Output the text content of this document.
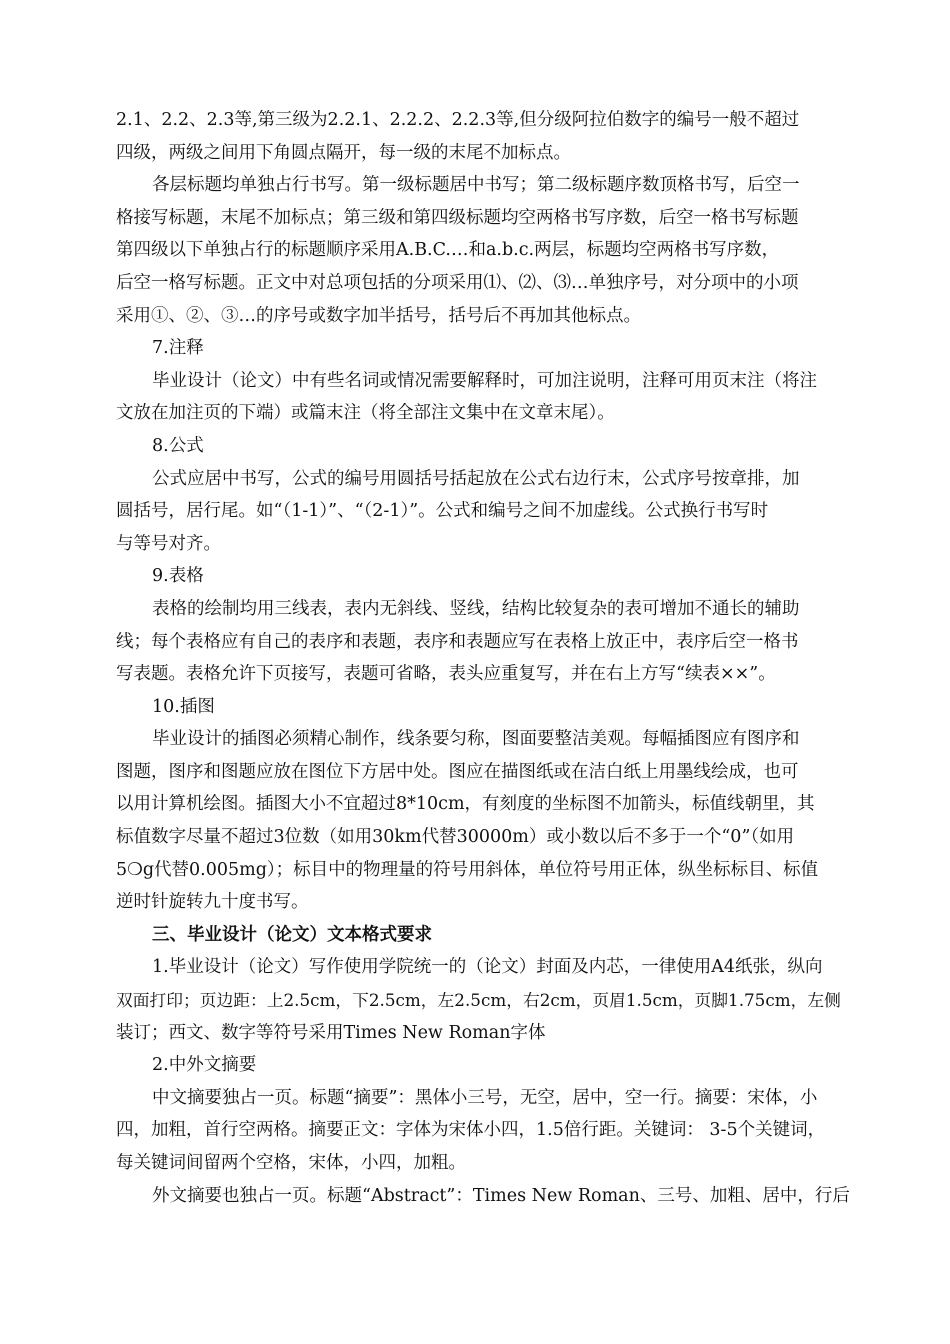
2.1、2.2、2.3等,第三级为2.2.1、2.2.2、2.2.3等,但分级阿拉伯数字的编号一般不超过
四级，两级之间用下角圆点隔开，每一级的末尾不加标点。
各层标题均单独占行书写。第一级标题居中书写；第二级标题序数顶格书写，后空一
格接写标题，末尾不加标点；第三级和第四级标题均空两格书写序数，后空一格书写标题
第四级以下单独占行的标题顺序采用A.B.C.…和a.b.c.两层，标题均空两格书写序数，
后空一格写标题。正文中对总项包括的分项采用⑴、⑵、⑶…单独序号，对分项中的小项
采用①、②、③…的序号或数字加半括号，括号后不再加其他标点。
7.注释
毕业设计（论文）中有些名词或情况需要解释时，可加注说明，注释可用页末注（将注
文放在加注页的下端）或篇末注（将全部注文集中在文章末尾）。
8.公式
公式应居中书写，公式的编号用圆括号括起放在公式右边行末，公式序号按章排，加
圆括号，居行尾。如“（1-1）”、“（2-1）”。公式和编号之间不加虚线。公式换行书写时
与等号对齐。
9.表格
表格的绘制均用三线表，表内无斜线、竖线，结构比较复杂的表可增加不通长的辅助
线；每个表格应有自己的表序和表题，表序和表题应写在表格上放正中，表序后空一格书
写表题。表格允许下页接写，表题可省略，表头应重复写，并在右上方写“续表××”。
10.插图
毕业设计的插图必须精心制作，线条要匀称，图面要整洁美观。每幅插图应有图序和
图题，图序和图题应放在图位下方居中处。图应在描图纸或在洁白纸上用墨线绘成，也可
以用计算机绘图。插图大小不宜超过8*10cm，有刻度的坐标图不加箭头，标值线朝里，其
标值数字尽量不超过3位数（如用30km代替30000m）或小数以后不多于一个“0”（如用
5❍g代替0.005mg）；标目中的物理量的符号用斜体，单位符号用正体，纵坐标标目、标值
逆时针旋转九十度书写。
三、毕业设计（论文）文本格式要求
1.毕业设计（论文）写作使用学院统一的（论文）封面及内芯，一律使用A4纸张，纵向
双面打印；页边距：上2.5cm，下2.5cm，左2.5cm，右2cm，页眉1.5cm，页脚1.75cm，左侧
装订；西文、数字等符号采用Times New Roman字体
2.中外文摘要
中文摘要独占一页。标题“摘要”：黑体小三号，无空，居中，空一行。摘要：宋体，小
四，加粗，首行空两格。摘要正文：字体为宋体小四，1.5倍行距。关键词： 3-5个关键词，
每关键词间留两个空格，宋体，小四，加粗。
外文摘要也独占一页。标题“Abstract”：Times New Roman、三号、加粗、居中，行后
